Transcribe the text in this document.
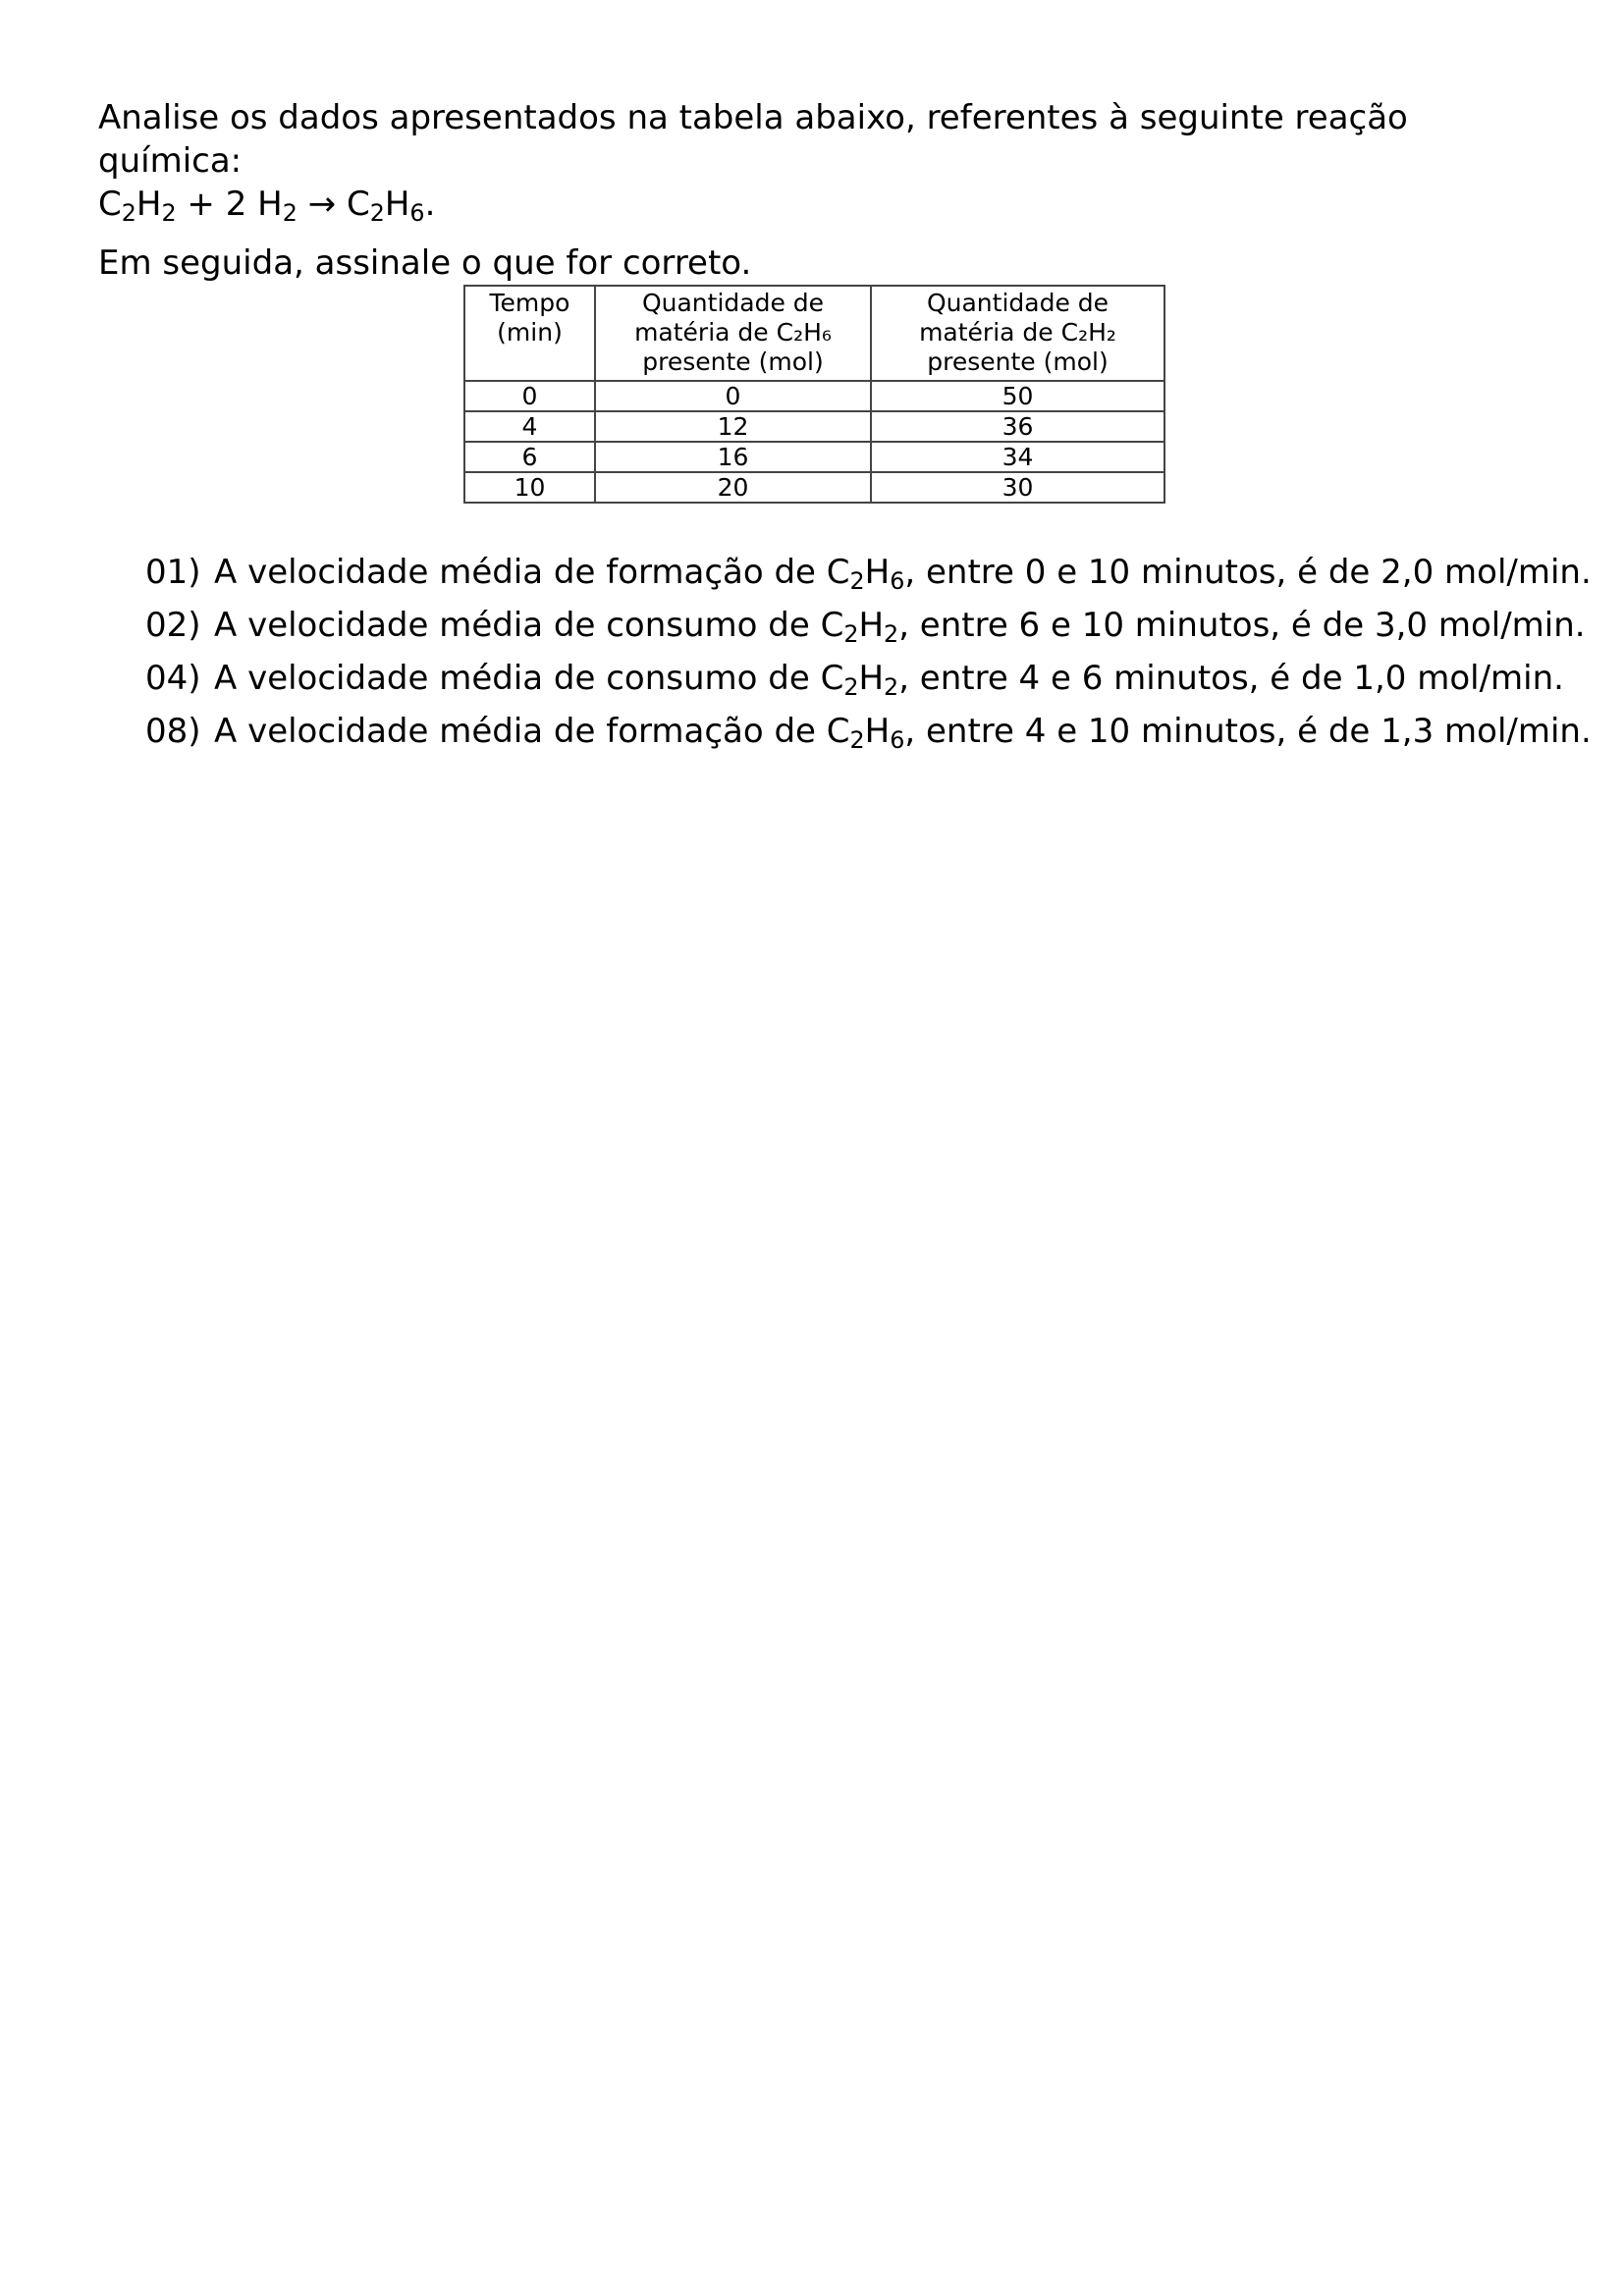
Analise os dados apresentados na tabela abaixo, referentes à seguinte reação química:
$C_2H_2 + 2$ $H_2 \to C_2H_6$.

Em seguida, assinale o que for correto.

Tempo
(min)	Quantidade de
matéria de C₂H₆
presente (mol)	Quantidade de
matéria de C₂H₂
presente (mol)
0	0	50
4	12	36
6	16	34
10	20	30
01) A velocidade média de formação de $C_2H_6$, entre 0 e 10 minutos, é de 2,0 mol/min.
02) A velocidade média de consumo de $C_2H_2$, entre 6 e 10 minutos, é de 3,0 mol/min.
04) A velocidade média de consumo de $C_2H_2$, entre 4 e 6 minutos, é de 1,0 mol/min.
08) A velocidade média de formação de $C_2H_6$, entre 4 e 10 minutos, é de 1,3 mol/min.
